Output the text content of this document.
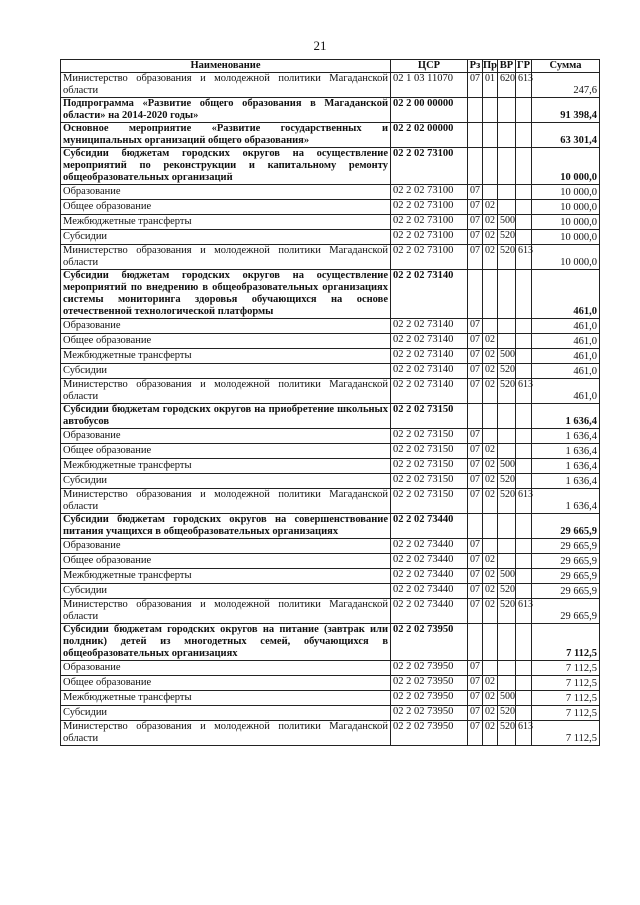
21
Наименование	ЦСР	Рз	Пр	ВР	ГР	Сумма
Министерство образования и молодежной политики Магаданской области	02 1 03 11070	07	01	620	613	247,6
Подпрограмма «Развитие общего образования в Магаданской области» на 2014-2020 годы»	02 2 00 00000					91 398,4
Основное мероприятие «Развитие государственных и муниципальных организаций общего образования»	02 2 02 00000					63 301,4
Субсидии бюджетам городских округов на осуществление мероприятий по реконструкции и капитальному ремонту общеобразовательных организаций	02 2 02 73100					10 000,0
Образование	02 2 02 73100	07				10 000,0
Общее образование	02 2 02 73100	07	02			10 000,0
Межбюджетные трансферты	02 2 02 73100	07	02	500		10 000,0
Субсидии	02 2 02 73100	07	02	520		10 000,0
Министерство образования и молодежной политики Магаданской области	02 2 02 73100	07	02	520	613	10 000,0
Субсидии бюджетам городских округов на осуществление мероприятий по внедрению в общеобразовательных организациях системы мониторинга здоровья обучающихся на основе отечественной технологической платформы	02 2 02 73140					461,0
Образование	02 2 02 73140	07				461,0
Общее образование	02 2 02 73140	07	02			461,0
Межбюджетные трансферты	02 2 02 73140	07	02	500		461,0
Субсидии	02 2 02 73140	07	02	520		461,0
Министерство образования и молодежной политики Магаданской области	02 2 02 73140	07	02	520	613	461,0
Субсидии бюджетам городских округов на приобретение школьных автобусов	02 2 02 73150					1 636,4
Образование	02 2 02 73150	07				1 636,4
Общее образование	02 2 02 73150	07	02			1 636,4
Межбюджетные трансферты	02 2 02 73150	07	02	500		1 636,4
Субсидии	02 2 02 73150	07	02	520		1 636,4
Министерство образования и молодежной политики Магаданской области	02 2 02 73150	07	02	520	613	1 636,4
Субсидии бюджетам городских округов на совершенствование питания учащихся в общеобразовательных организациях	02 2 02 73440					29 665,9
Образование	02 2 02 73440	07				29 665,9
Общее образование	02 2 02 73440	07	02			29 665,9
Межбюджетные трансферты	02 2 02 73440	07	02	500		29 665,9
Субсидии	02 2 02 73440	07	02	520		29 665,9
Министерство образования и молодежной политики Магаданской области	02 2 02 73440	07	02	520	613	29 665,9
Субсидии бюджетам городских округов на питание (завтрак или полдник) детей из многодетных семей, обучающихся в общеобразовательных организациях	02 2 02 73950					7 112,5
Образование	02 2 02 73950	07				7 112,5
Общее образование	02 2 02 73950	07	02			7 112,5
Межбюджетные трансферты	02 2 02 73950	07	02	500		7 112,5
Субсидии	02 2 02 73950	07	02	520		7 112,5
Министерство образования и молодежной политики Магаданской области	02 2 02 73950	07	02	520	613	7 112,5
